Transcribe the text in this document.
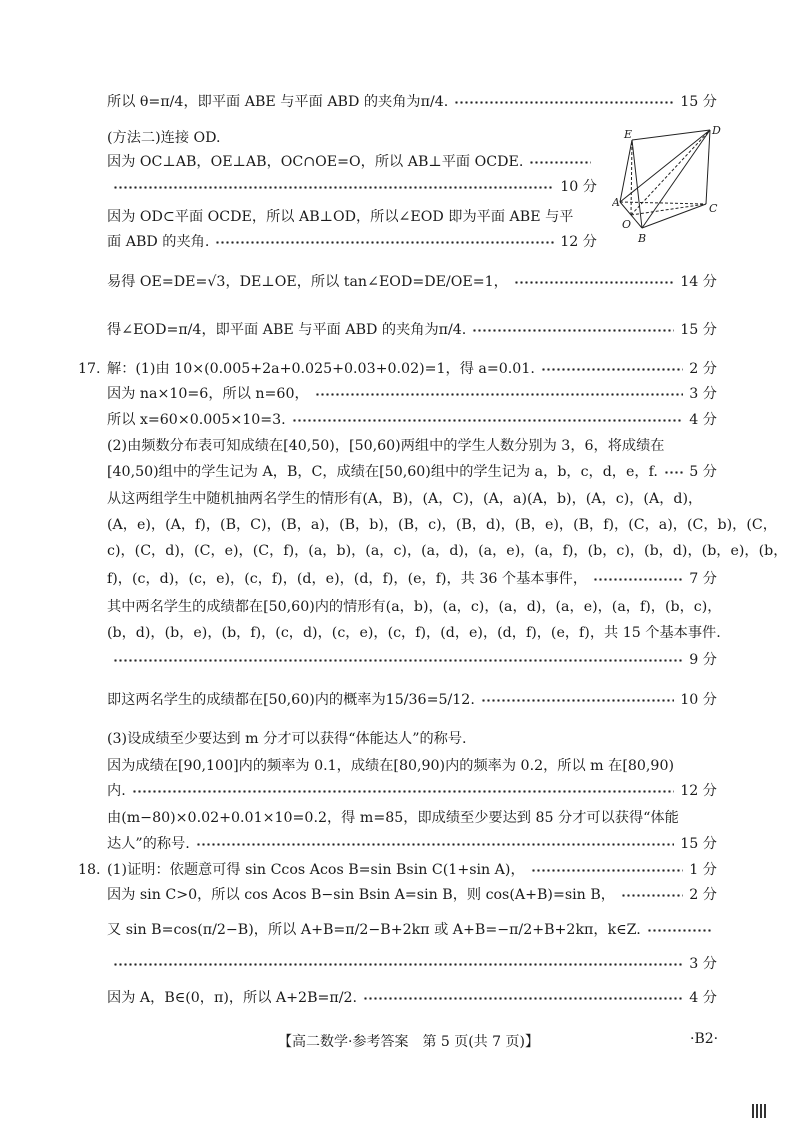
所以 θ=π/4，即平面 ABE 与平面 ABD 的夹角为π/4.	15 分
(方法二)连接 OD.
因为 OC⊥AB，OE⊥AB，OC∩OE=O，所以 AB⊥平面 OCDE.
10 分
因为 OD⊂平面 OCDE，所以 AB⊥OD，所以∠EOD 即为平面 ABE 与平
面 ABD 的夹角.	12 分
易得 OE=DE=√3，DE⊥OE，所以 tan∠EOD=DE/OE=1，	14 分
得∠EOD=π/4，即平面 ABE 与平面 ABD 的夹角为π/4.	15 分
17. 解：(1)由 10×(0.005+2a+0.025+0.03+0.02)=1，得 a=0.01.	2 分
因为 na×10=6，所以 n=60，	3 分
所以 x=60×0.005×10=3.	4 分
(2)由频数分布表可知成绩在[40,50)，[50,60)两组中的学生人数分别为 3，6，将成绩在
[40,50)组中的学生记为 A，B，C，成绩在[50,60)组中的学生记为 a，b，c，d，e，f. 5 分
从这两组学生中随机抽两名学生的情形有(A，B)，(A，C)，(A，a)(A，b)，(A，c)，(A，d)，
(A，e)，(A，f)，(B，C)，(B，a)，(B，b)，(B，c)，(B，d)，(B，e)，(B，f)，(C，a)，(C，b)，(C，
c)，(C，d)，(C，e)，(C，f)，(a，b)，(a，c)，(a，d)，(a，e)，(a，f)，(b，c)，(b，d)，(b，e)，(b，
f)，(c，d)，(c，e)，(c，f)，(d，e)，(d，f)，(e，f)，共 36 个基本事件，	7 分
其中两名学生的成绩都在[50,60)内的情形有(a，b)，(a，c)，(a，d)，(a，e)，(a，f)，(b，c)，
(b，d)，(b，e)，(b，f)，(c，d)，(c，e)，(c，f)，(d，e)，(d，f)，(e，f)，共 15 个基本事件.
9 分
即这两名学生的成绩都在[50,60)内的概率为15/36=5/12.	10 分
(3)设成绩至少要达到 m 分才可以获得“体能达人”的称号.
因为成绩在[90,100]内的频率为 0.1，成绩在[80,90)内的频率为 0.2，所以 m 在[80,90)
内.	12 分
由(m−80)×0.02+0.01×10=0.2，得 m=85，即成绩至少要达到 85 分才可以获得“体能
达人”的称号.	15 分
18. (1)证明：依题意可得 sin Ccos Acos B=sin Bsin C(1+sin A)，	1 分
因为 sin C>0，所以 cos Acos B−sin Bsin A=sin B，则 cos(A+B)=sin B，	2 分
又 sin B=cos(π/2−B)，所以 A+B=π/2−B+2kπ 或 A+B=−π/2+B+2kπ，k∈Z.
3 分
因为 A，B∈(0，π)，所以 A+2B=π/2.	4 分
E	D
A	C
O
B
【高二数学·参考答案　第 5 页(共 7 页)】	·B2·
